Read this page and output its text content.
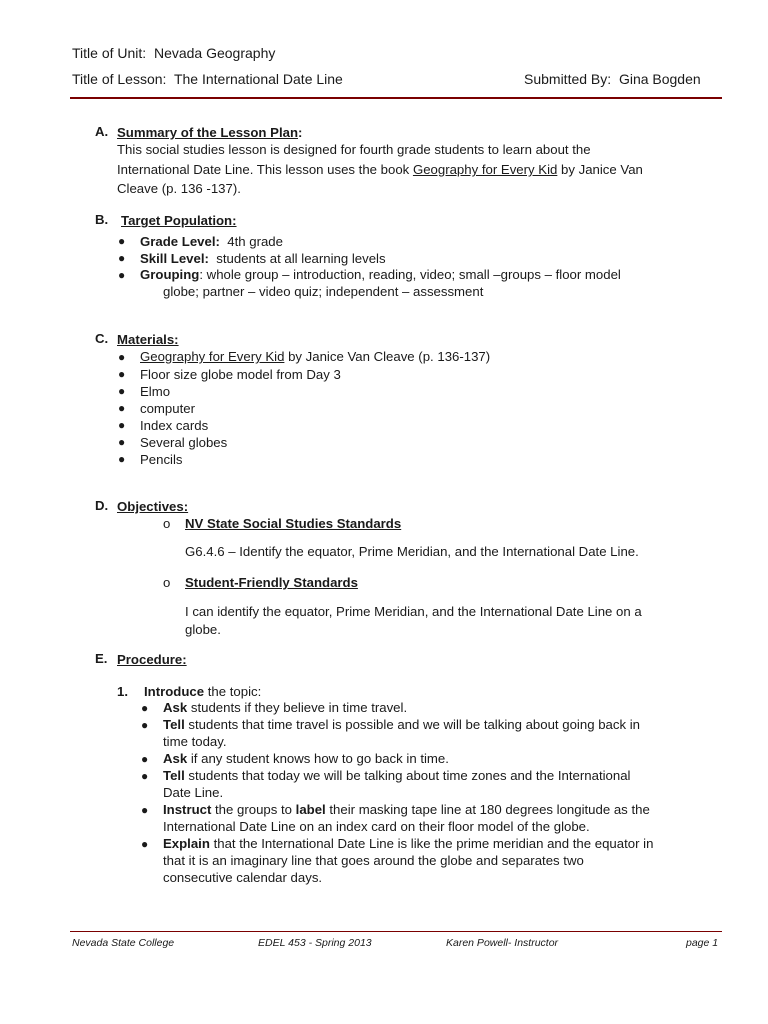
Title of Unit: Nevada Geography
Title of Lesson: The International Date Line	Submitted By: Gina Bogden
A. Summary of the Lesson Plan:
This social studies lesson is designed for fourth grade students to learn about the
International Date Line. This lesson uses the book Geography for Every Kid by Janice Van
Cleave (p. 136 -137).
B. Target Population:
● Grade Level: 4th grade
● Skill Level: students at all learning levels
● Grouping: whole group – introduction, reading, video; small –groups – floor model
globe; partner – video quiz; independent – assessment
C. Materials:
● Geography for Every Kid by Janice Van Cleave (p. 136-137)
● Floor size globe model from Day 3
● Elmo
● computer
● Index cards
● Several globes
● Pencils
D. Objectives:
o NV State Social Studies Standards
G6.4.6 – Identify the equator, Prime Meridian, and the International Date Line.
o Student-Friendly Standards
I can identify the equator, Prime Meridian, and the International Date Line on a
globe.
E. Procedure:
1. Introduce the topic:
● Ask students if they believe in time travel.
● Tell students that time travel is possible and we will be talking about going back in
time today.
● Ask if any student knows how to go back in time.
● Tell students that today we will be talking about time zones and the International
Date Line.
● Instruct the groups to label their masking tape line at 180 degrees longitude as the
International Date Line on an index card on their floor model of the globe.
● Explain that the International Date Line is like the prime meridian and the equator in
that it is an imaginary line that goes around the globe and separates two
consecutive calendar days.
Nevada State College	EDEL 453 - Spring 2013	Karen Powell- Instructor	page 1
